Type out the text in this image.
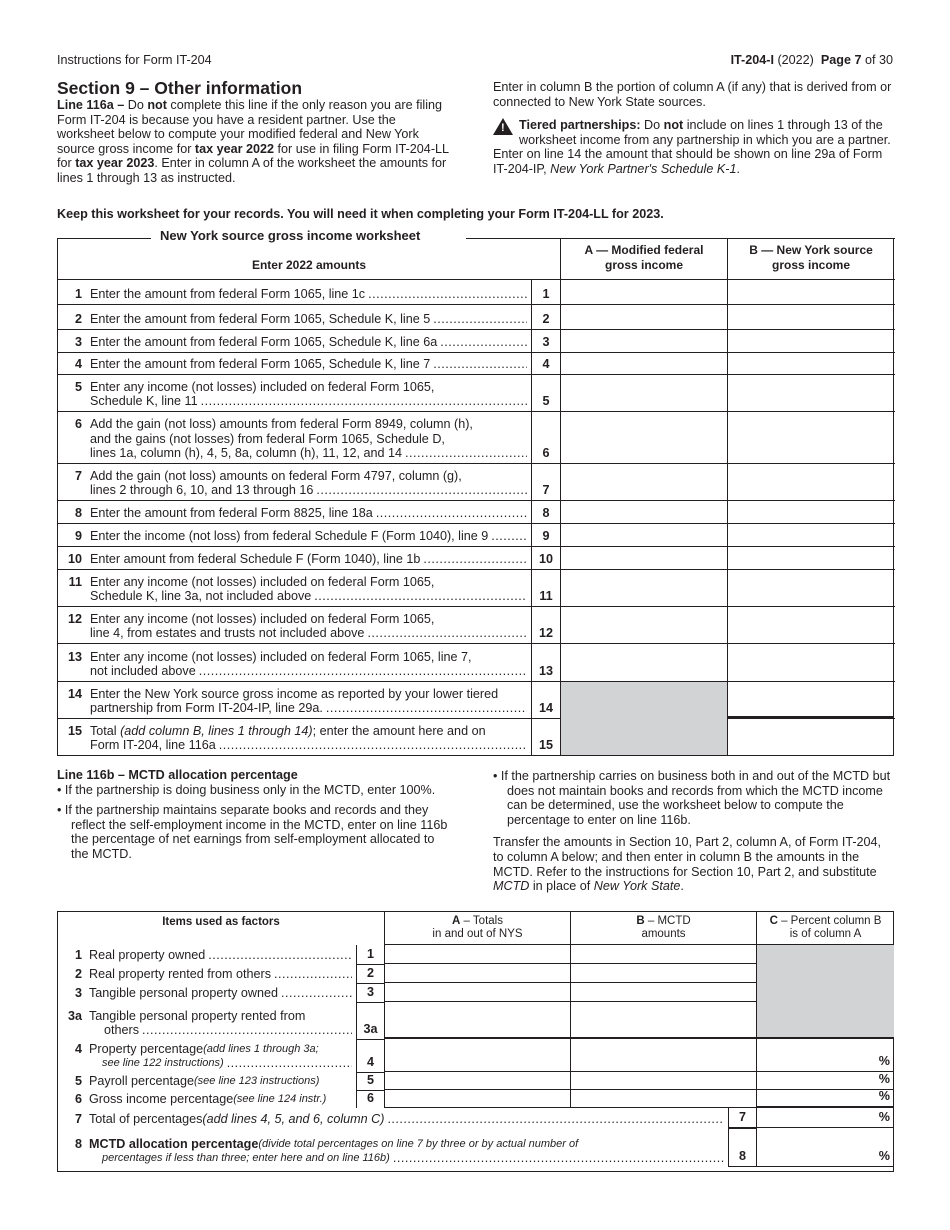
Instructions for Form IT-204	IT-204-I (2022) Page 7 of 30
Section 9 – Other information

Line 116a – Do not complete this line if the only reason you are filing Form IT-204 is because you have a resident partner. Use the worksheet below to compute your modified federal and New York source gross income for tax year 2022 for use in filing Form IT-204-LL for tax year 2023. Enter in column A of the worksheet the amounts for lines 1 through 13 as instructed.

Enter in column B the portion of column A (if any) that is derived from or connected to New York State sources.

! Tiered partnerships: Do not include on lines 1 through 13 of the worksheet income from any partnership in which you are a partner. Enter on line 14 the amount that should be shown on line 29a of Form IT-204-IP, New York Partner's Schedule K-1.

Keep this worksheet for your records. You will need it when completing your Form IT-204-LL for 2023.
New York source gross income worksheet
Enter 2022 amounts
A — Modified federal gross income
B — New York source gross income
1 Enter the amount from federal Form 1065, line 1c .....	1
2 Enter the amount from federal Form 1065, Schedule K, line 5 .....	2
3 Enter the amount from federal Form 1065, Schedule K, line 6a .....	3
4 Enter the amount from federal Form 1065, Schedule K, line 7 .....	4
5 Enter any income (not losses) included on federal Form 1065,
Schedule K, line 11 .....	5
6 Add the gain (not loss) amounts from federal Form 8949, column (h),
and the gains (not losses) from federal Form 1065, Schedule D,
lines 1a, column (h), 4, 5, 8a, column (h), 11, 12, and 14 .....	6
7 Add the gain (not loss) amounts on federal Form 4797, column (g),
lines 2 through 6, 10, and 13 through 16 .....	7
8 Enter the amount from federal Form 8825, line 18a .....	8
9 Enter the income (not loss) from federal Schedule F (Form 1040), line 9 .....	9
10 Enter amount from federal Schedule F (Form 1040), line 1b .....	10
11 Enter any income (not losses) included on federal Form 1065,
Schedule K, line 3a, not included above .....	11
12 Enter any income (not losses) included on federal Form 1065,
line 4, from estates and trusts not included above .....	12
13 Enter any income (not losses) included on federal Form 1065, line 7,
not included above .....	13
14 Enter the New York source gross income as reported by your lower tiered
partnership from Form IT-204-IP, line 29a. .....	14
15 Total (add column B, lines 1 through 14); enter the amount here and on
Form IT-204, line 116a .....	15
Line 116b – MCTD allocation percentage
• If the partnership is doing business only in the MCTD, enter 100%.
• If the partnership maintains separate books and records and they reflect the self-employment income in the MCTD, enter on line 116b the percentage of net earnings from self-employment allocated to the MCTD.
• If the partnership carries on business both in and out of the MCTD but does not maintain books and records from which the MCTD income can be determined, use the worksheet below to compute the percentage to enter on line 116b.

Transfer the amounts in Section 10, Part 2, column A, of Form IT-204, to column A below; and then enter in column B the amounts in the MCTD. Refer to the instructions for Section 10, Part 2, and substitute MCTD in place of New York State.

Items used as factors	A – Totals
in and out of NYS
B – MCTD
amounts
C – Percent column B
is of column A
1 Real property owned .....	1
2 Real property rented from others .....	2
3 Tangible personal property owned .....	3
3a Tangible personal property rented from
others .....	3a
4 Property percentage (add lines 1 through 3a;
see line 122 instructions) .....	4	%
5 Payroll percentage (see line 123 instructions)	5	%
6 Gross income percentage (see line 124 instr.)	6	%
7 Total of percentages (add lines 4, 5, and 6, column C) .....	7	%
8 MCTD allocation percentage (divide total percentages on line 7 by three or by actual number of
percentages if less than three; enter here and on line 116b) .....	8	%
